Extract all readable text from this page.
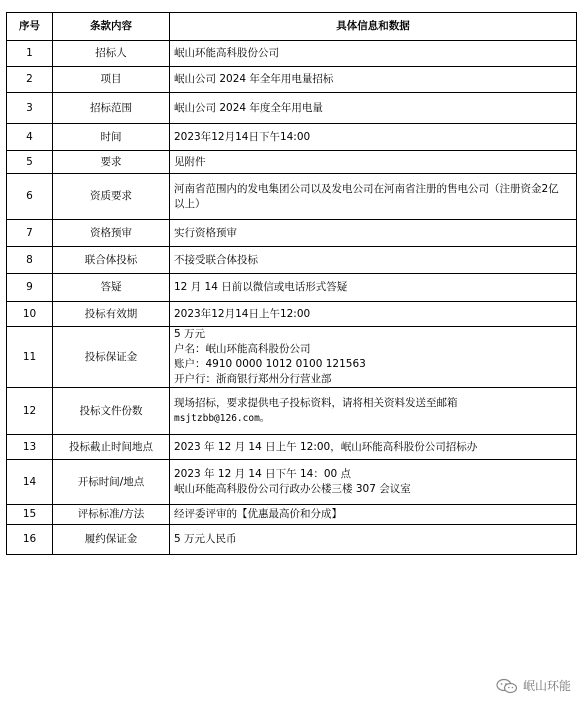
序号	条款内容	具体信息和数据
1	招标人	岷山环能高科股份公司

2	项目	岷山公司 2024 年全年用电量招标

3	招标范围	岷山公司 2024 年度全年用电量

4	时间	2023年12月14日下午14:00

5	要求	见附件

6	资质要求	河南省范围内的发电集团公司以及发电公司在河南省注册的售电公司（注册资金2亿
以上）

7	资格预审	实行资格预审

8	联合体投标	不接受联合体投标

9	答疑	12 月 14 日前以微信或电话形式答疑

10	投标有效期	2023年12月14日上午12:00

11	投标保证金	5 万元
户名：岷山环能高科股份公司
账户：4910 0000 1012 0100 121563
开户行：浙商银行郑州分行营业部

12	投标文件份数	现场招标，要求提供电子投标资料，请将相关资料发送至邮箱
msjtzbb@126.com。

13	投标截止时间地点	2023 年 12 月 14 日上午 12:00，岷山环能高科股份公司招标办

14	开标时间/地点	2023 年 12 月 14 日下午 14：00 点
岷山环能高科股份公司行政办公楼三楼 307 会议室

15	评标标准/方法	经评委评审的【优惠最高价和分成】

16	履约保证金	5 万元人民币
岷山环能
